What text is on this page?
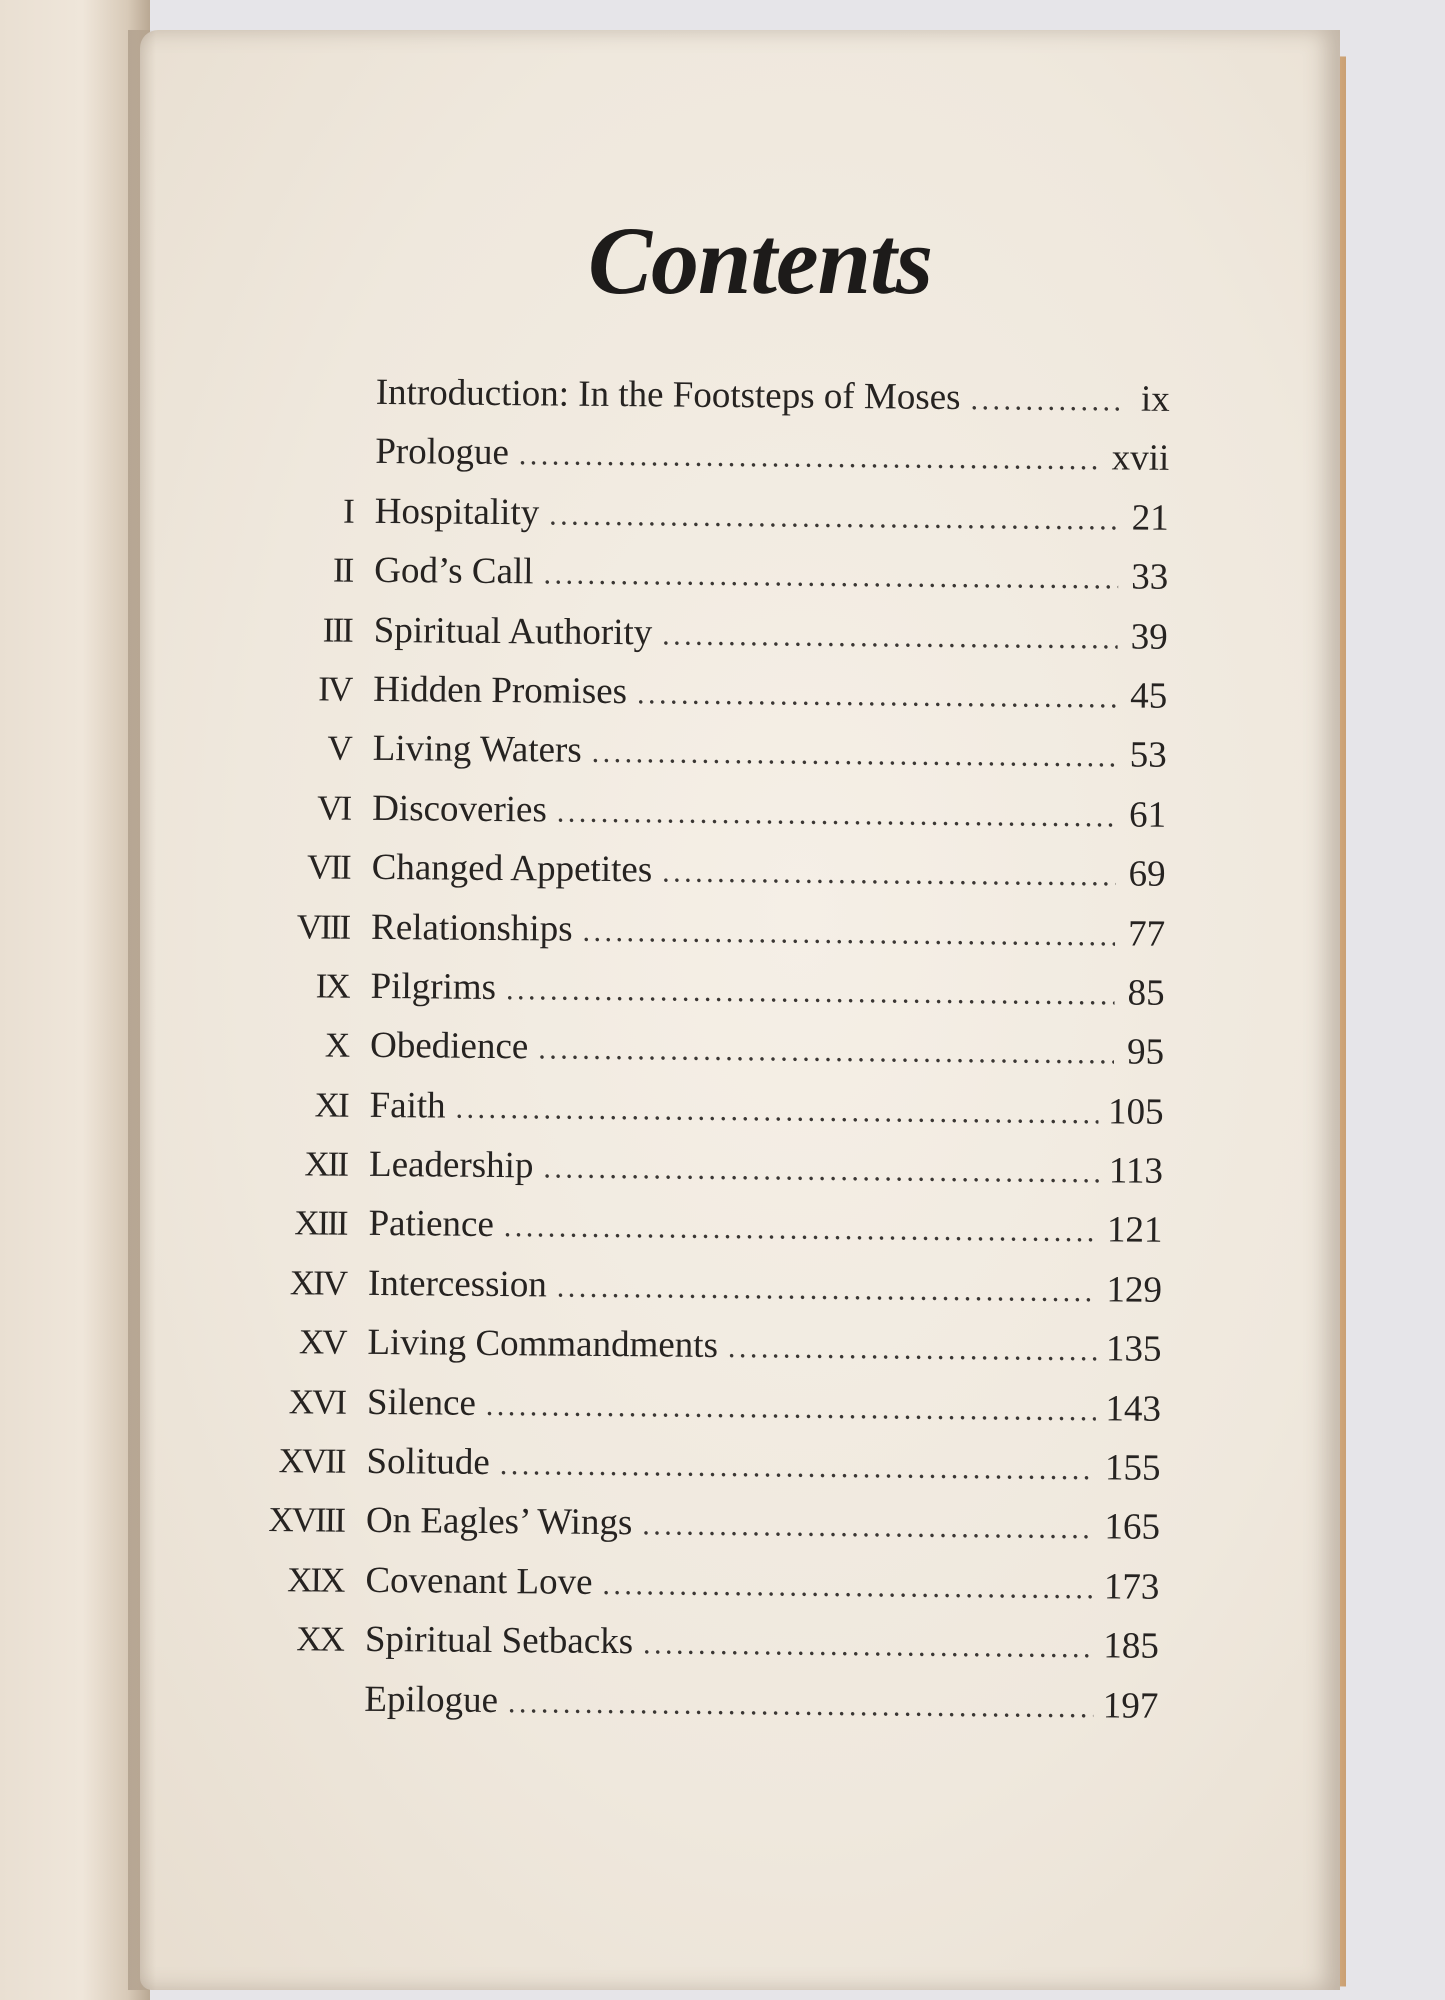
Contents
Introduction: In the Footsteps of Moses .....	ix
Prologue .....	xvii
I Hospitality .....	21
II God’s Call .....	33
III Spiritual Authority .....	39
IV Hidden Promises .....	45
V Living Waters .....	53
VI Discoveries .....	61
VII Changed Appetites .....	69
VIII Relationships .....	77
IX Pilgrims .....	85
X Obedience .....	95
XI Faith .....	105
XII Leadership .....	113
XIII Patience .....	121
XIV Intercession .....	129
XV Living Commandments .....	135
XVI Silence .....	143
XVII Solitude .....	155
XVIII On Eagles’ Wings .....	165
XIX Covenant Love .....	173
XX Spiritual Setbacks .....	185
Epilogue .....	197
